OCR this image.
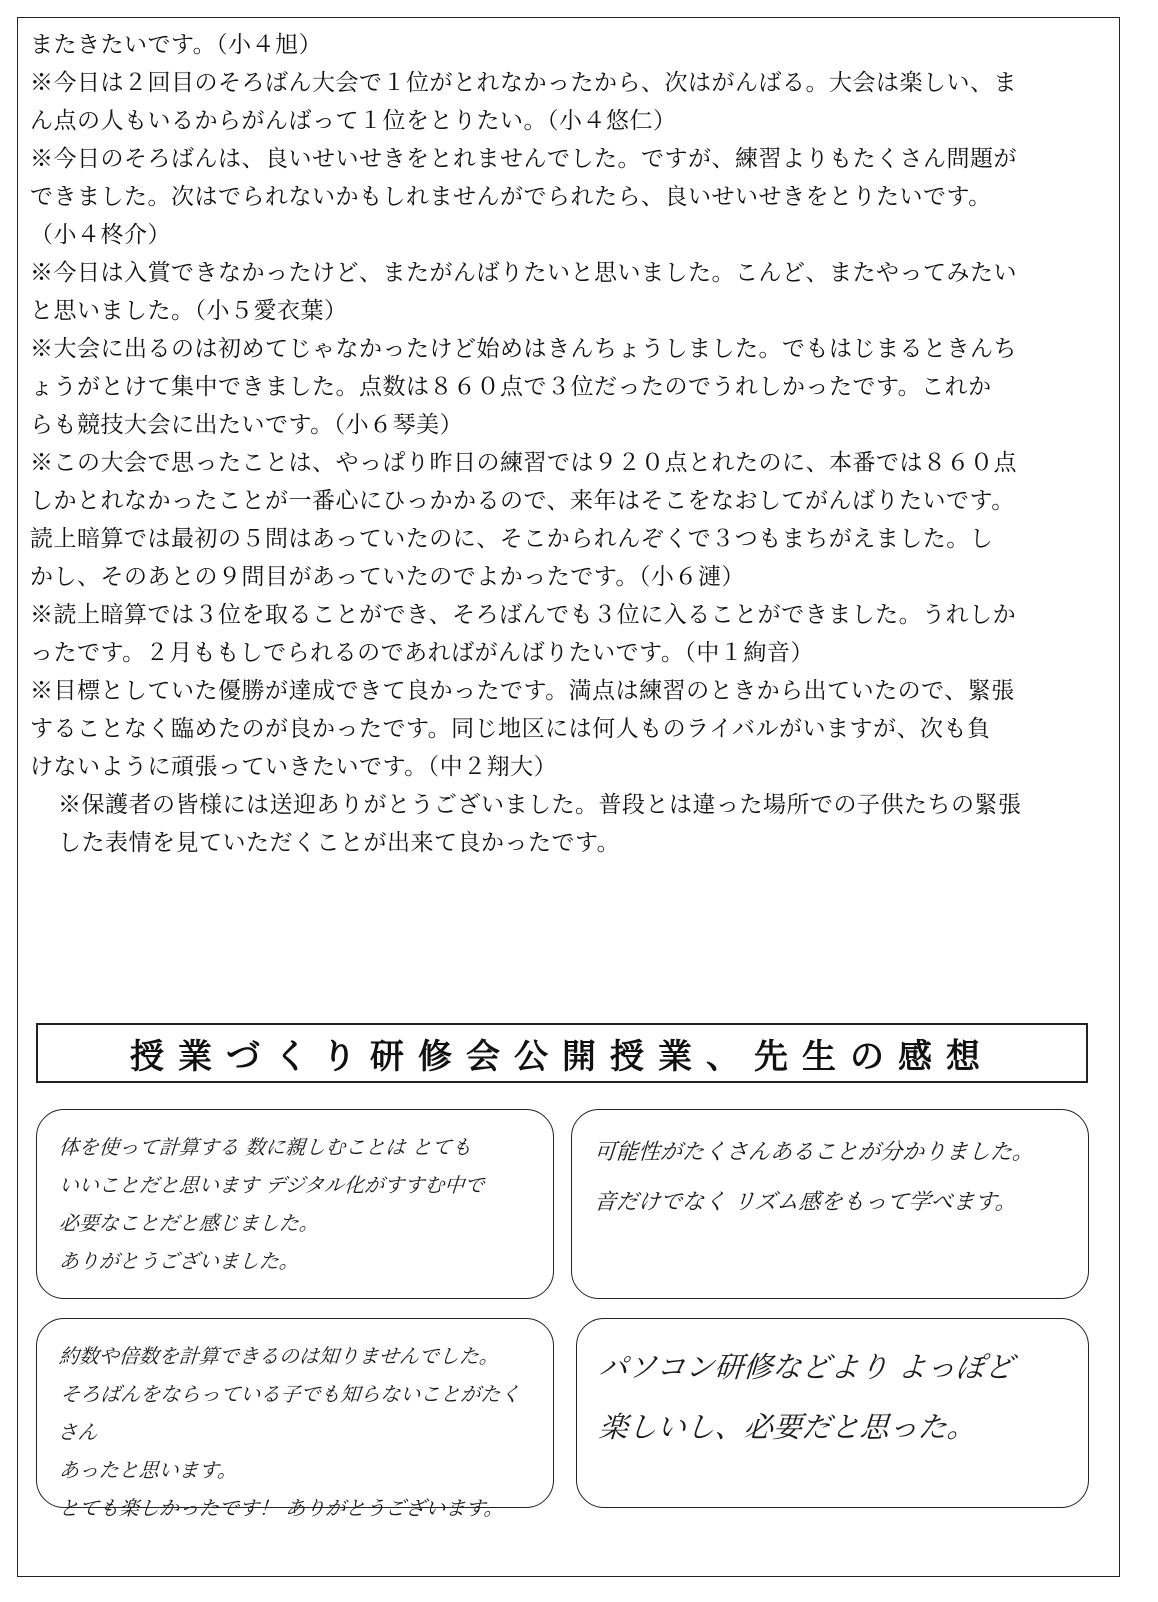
またきたいです。（小４旭）

※今日は２回目のそろばん大会で１位がとれなかったから、次はがんばる。大会は楽しい、ま
ん点の人もいるからがんばって１位をとりたい。（小４悠仁）

※今日のそろばんは、良いせいせきをとれませんでした。ですが、練習よりもたくさん問題が
できました。次はでられないかもしれませんがでられたら、良いせいせきをとりたいです。
（小４柊介）

※今日は入賞できなかったけど、またがんばりたいと思いました。こんど、またやってみたい
と思いました。（小５愛衣葉）

※大会に出るのは初めてじゃなかったけど始めはきんちょうしました。でもはじまるときんち
ょうがとけて集中できました。点数は８６０点で３位だったのでうれしかったです。これか
らも競技大会に出たいです。（小６琴美）

※この大会で思ったことは、やっぱり昨日の練習では９２０点とれたのに、本番では８６０点
しかとれなかったことが一番心にひっかかるので、来年はそこをなおしてがんばりたいです。
読上暗算では最初の５問はあっていたのに、そこかられんぞくで３つもまちがえました。し
かし、そのあとの９問目があっていたのでよかったです。（小６漣）

※読上暗算では３位を取ることができ、そろばんでも３位に入ることができました。うれしか
ったです。２月ももしでられるのであればがんばりたいです。（中１絢音）

※目標としていた優勝が達成できて良かったです。満点は練習のときから出ていたので、緊張
することなく臨めたのが良かったです。同じ地区には何人ものライバルがいますが、次も負
けないように頑張っていきたいです。（中２翔大）

※保護者の皆様には送迎ありがとうございました。普段とは違った場所での子供たちの緊張
した表情を見ていただくことが出来て良かったです。

授業づくり研修会公開授業、先生の感想
体を使って計算する 数に親しむことは とても
いいことだと思います デジタル化がすすむ中で
必要なことだと感じました。
ありがとうございました。
可能性がたくさんあることが分かりました。
音だけでなく リズム感をもって学べます。
約数や倍数を計算できるのは知りませんでした。
そろばんをならっている子でも知らないことがたくさん
あったと思います。
とても楽しかったです！ ありがとうございます。
パソコン研修などより よっぽど
楽しいし、必要だと思った。
